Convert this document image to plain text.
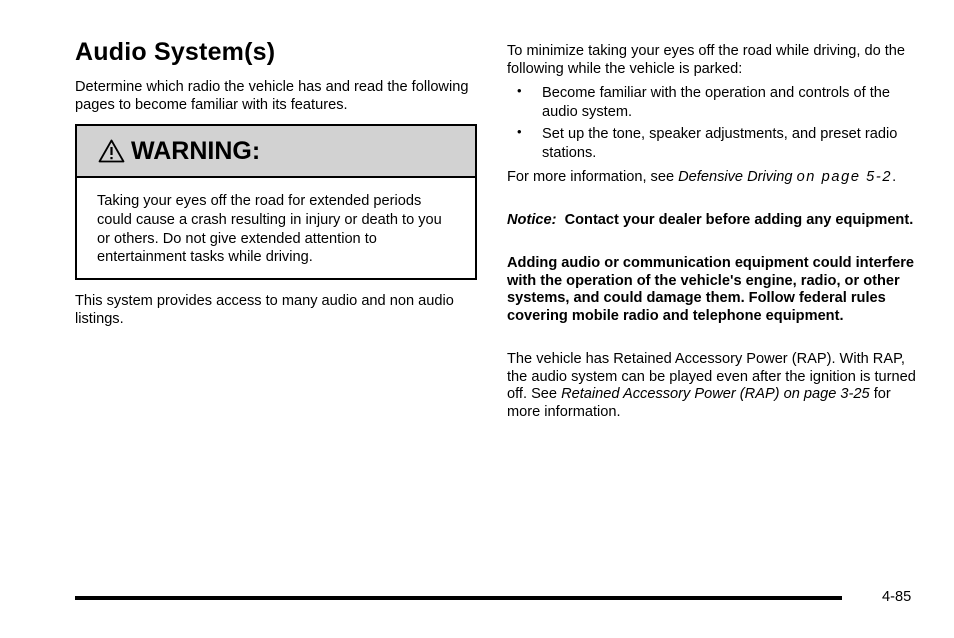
Audio System(s)

Determine which radio the vehicle has and read the following pages to become familiar with its features.

WARNING:
Taking your eyes off the road for extended periods could cause a crash resulting in injury or death to you or others. Do not give extended attention to entertainment tasks while driving.

This system provides access to many audio and non audio listings.

To minimize taking your eyes off the road while driving, do the following while the vehicle is parked:

• Become familiar with the operation and controls of the audio system.
• Set up the tone, speaker adjustments, and preset radio stations.

For more information, see Defensive Driving on page 5-2.

Notice: Contact your dealer before adding any equipment.

Adding audio or communication equipment could interfere with the operation of the vehicle's engine, radio, or other systems, and could damage them. Follow federal rules covering mobile radio and telephone equipment.

The vehicle has Retained Accessory Power (RAP). With RAP, the audio system can be played even after the ignition is turned off. See Retained Accessory Power (RAP) on page 3-25 for more information.

4-85
